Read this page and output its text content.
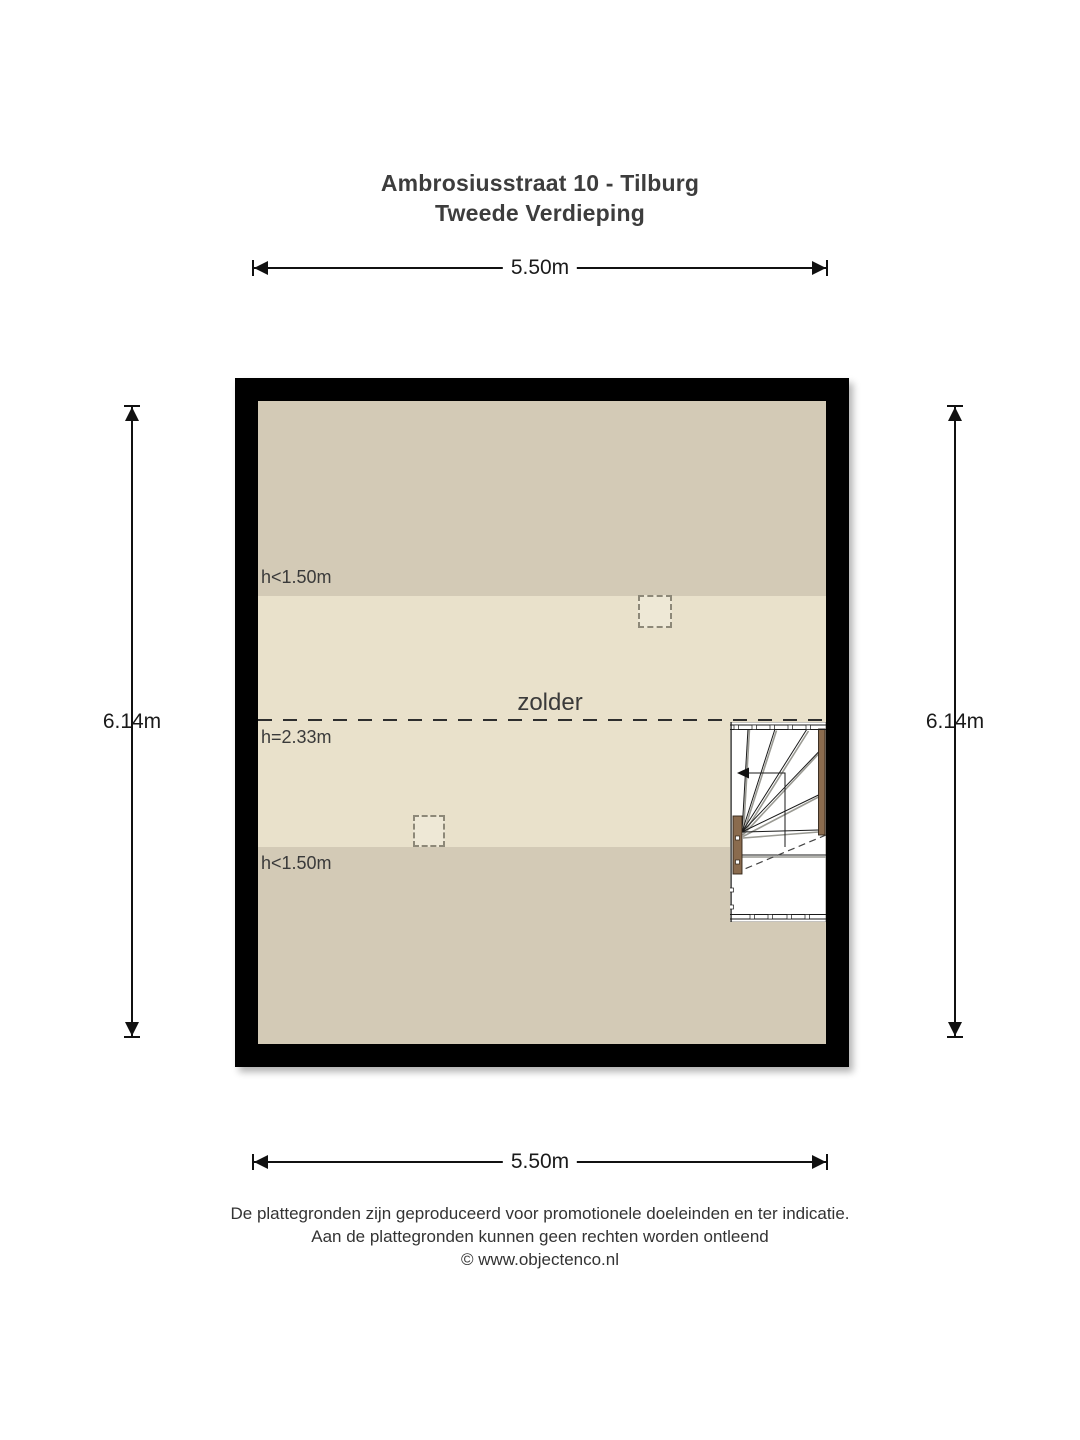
Ambrosiusstraat 10 - Tilburg
Tweede Verdieping
5.50m
6.14m	6.14m
h<1.50m
h=2.33m
h<1.50m
zolder
5.50m
De plattegronden zijn geproduceerd voor promotionele doeleinden en ter indicatie.
Aan de plattegronden kunnen geen rechten worden ontleend
© www.objectenco.nl
